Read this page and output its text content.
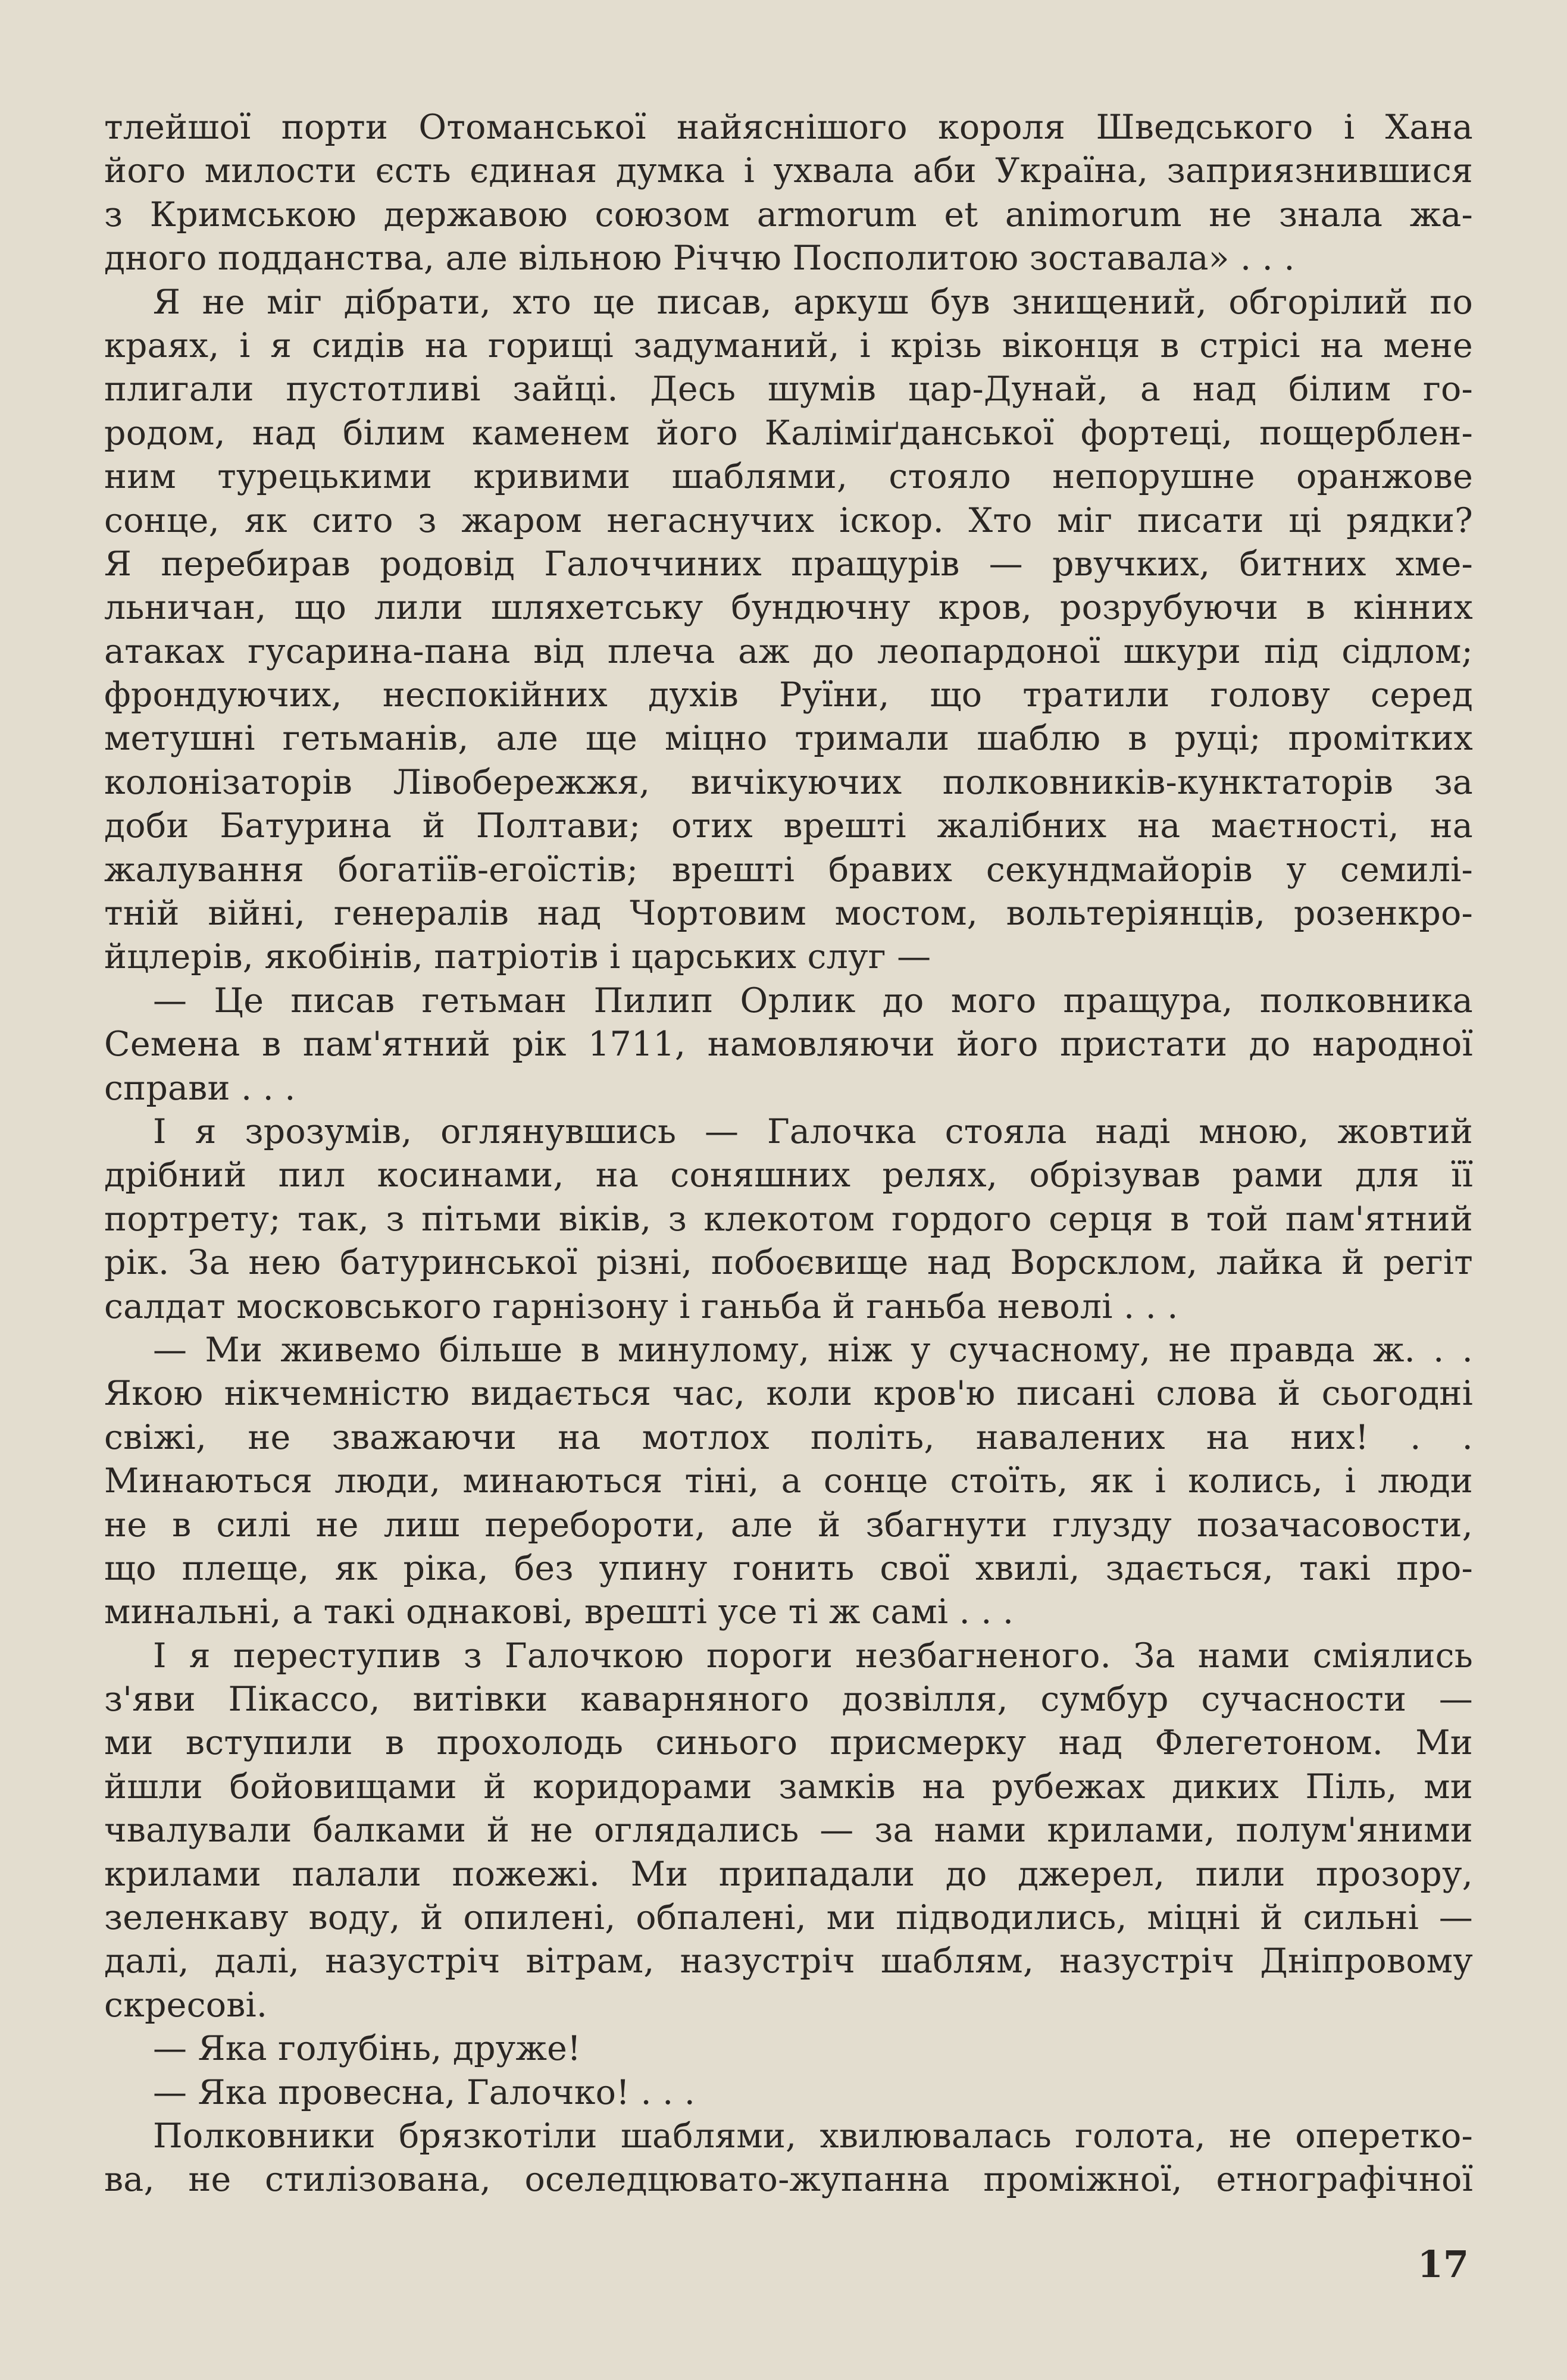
тлейшої порти Отоманської найяснішого короля Шведського і Хана
його милости єсть єдиная думка і ухвала аби Україна, заприязнившися
з Кримською державою союзом armorum et animorum не знала жа-
дного подданства, але вільною Річчю Посполитою зоставала» . . .
Я не міг дібрати, хто це писав, аркуш був знищений, обгорілий по
краях, і я сидів на горищі задуманий, і крізь віконця в стрісі на мене
плигали пустотливі зайці. Десь шумів цар-Дунай, а над білим го-
родом, над білим каменем його Калімiґданської фортеці, пощерблен-
ним турецькими кривими шаблями, стояло непорушне оранжове
сонце, як сито з жаром негаснучих іскор. Хто міг писати ці рядки?
Я перебирав родовід Галоччиних пращурів — рвучких, битних хме-
льничан, що лили шляхетську бундючну кров, розрубуючи в кінних
атаках гусарина-пана від плеча аж до леопардоної шкури під сідлом;
фрондуючих, неспокійних духів Руїни, що тратили голову серед
метушні гетьманів, але ще міцно тримали шаблю в руці; промітких
колонізаторів Лівобережжя, вичікуючих полковників-кунктаторів за
доби Батурина й Полтави; отих врешті жалібних на маєтності, на
жалування богатіїв-егоїстів; врешті бравих секундмайорів у семилі-
тній війні, генералів над Чортовим мостом, вольтеріянців, розенкро-
йцлерів, якобінів, патріотів і царських слуг —
— Це писав гетьман Пилип Орлик до мого пращура, полковника
Семена в пам'ятний рік 1711, намовляючи його пристати до народної
справи . . .
І я зрозумів, оглянувшись — Галочка стояла наді мною, жовтий
дрібний пил косинами, на соняшних релях, обрізував рами для її
портрету; так, з пітьми віків, з клекотом гордого серця в той пам'ятний
рік. За нею батуринської різні, побоєвище над Ворсклом, лайка й регіт
салдат московського гарнізону і ганьба й ганьба неволі . . .
— Ми живемо більше в минулому, ніж у сучасному, не правда ж. . .
Якою нікчемністю видається час, коли кров'ю писані слова й сьогодні
свіжі, не зважаючи на мотлох політь, навалених на них! . .
Минаються люди, минаються тіні, а сонце стоїть, як і колись, і люди
не в силі не лиш перебороти, але й збагнути глузду позачасовости,
що плеще, як ріка, без упину гонить свої хвилі, здається, такі про-
минальні, а такі однакові, врешті усе ті ж самі . . .
І я переступив з Галочкою пороги незбагненого. За нами сміялись
з'яви Пікассо, витівки каварняного дозвілля, сумбур сучасности —
ми вступили в прохолодь синього присмерку над Флегетоном. Ми
йшли бойовищами й коридорами замків на рубежах диких Піль, ми
чвалували балками й не оглядались — за нами крилами, полум'яними
крилами палали пожежі. Ми припадали до джерел, пили прозору,
зеленкаву воду, й опилені, обпалені, ми підводились, міцні й сильні —
далі, далі, назустріч вітрам, назустріч шаблям, назустріч Дніпровому
скресові.
— Яка голубінь, друже!
— Яка провесна, Галочко! . . .
Полковники брязкотіли шаблями, хвилювалась голота, не оперетко-
ва, не стилізована, оселедцювато-жупанна проміжної, етнографічної
17
